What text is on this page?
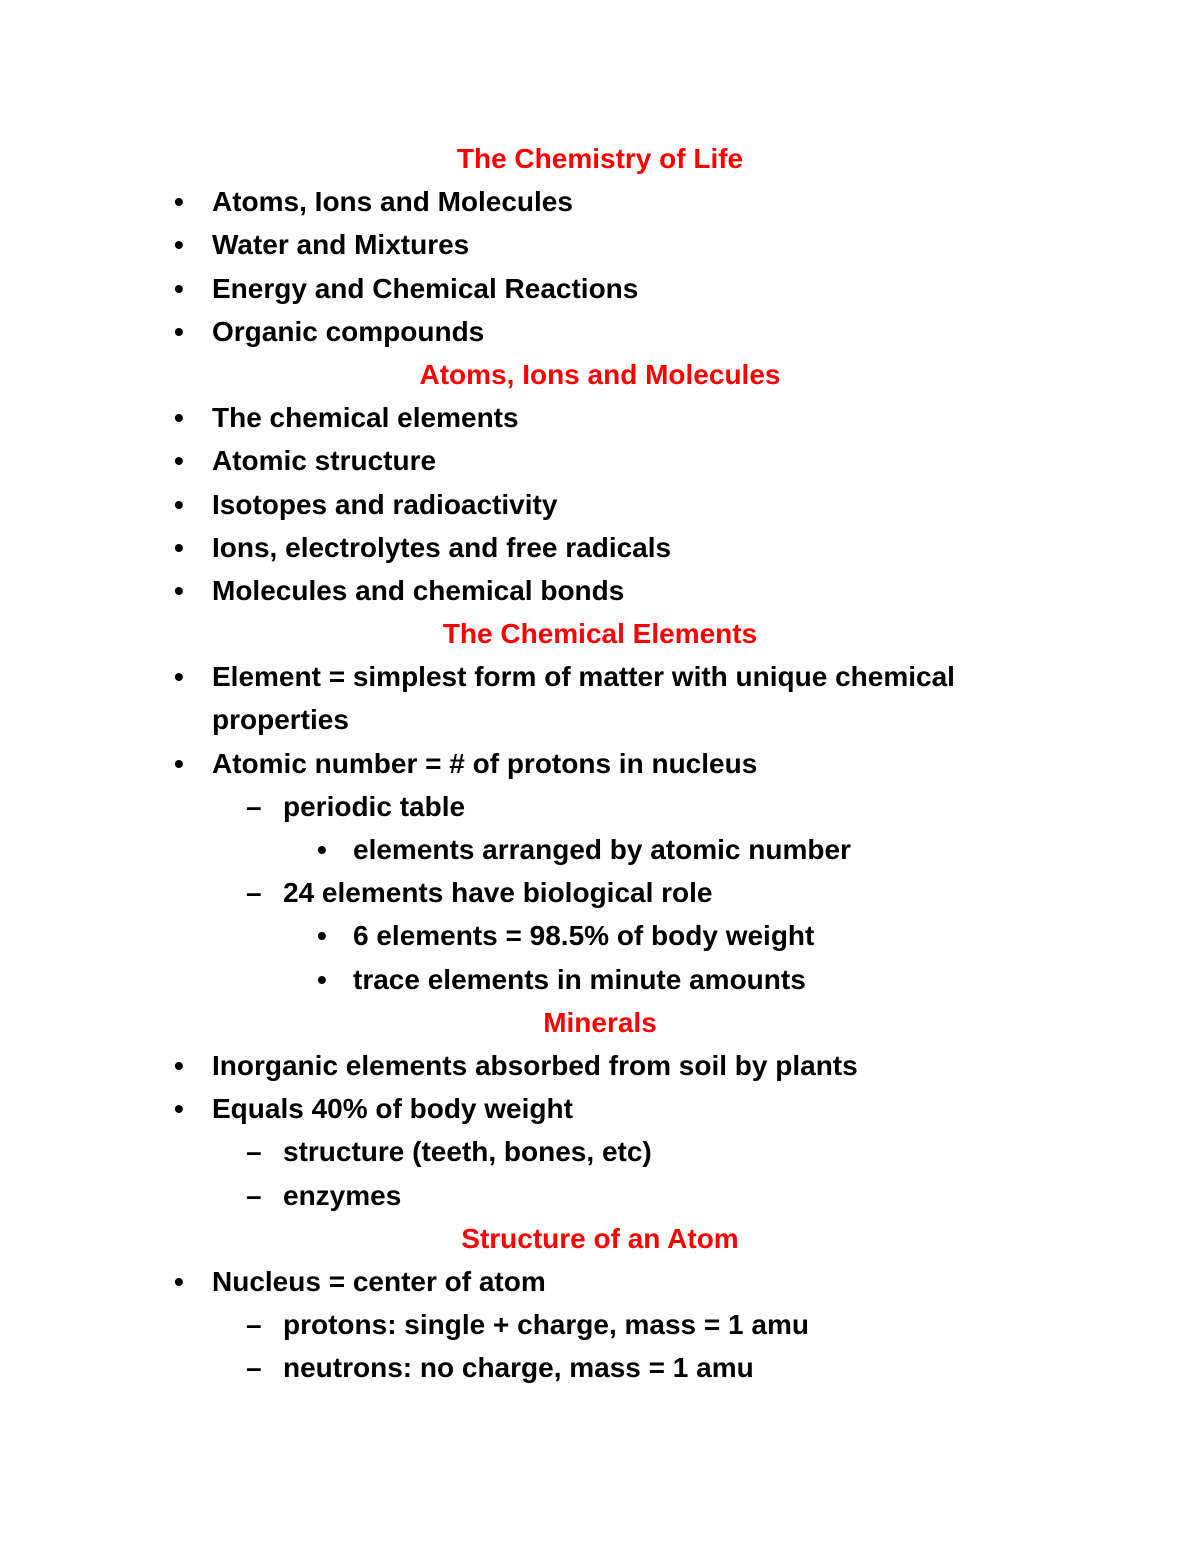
The Chemistry of Life
• Atoms, Ions and Molecules
• Water and Mixtures
• Energy and Chemical Reactions
• Organic compounds
Atoms, Ions and Molecules
• The chemical elements
• Atomic structure
• Isotopes and radioactivity
• Ions, electrolytes and free radicals
• Molecules and chemical bonds
The Chemical Elements
• Element = simplest form of matter with unique chemical
properties
• Atomic number = # of protons in nucleus
– periodic table
• elements arranged by atomic number
– 24 elements have biological role
• 6 elements = 98.5% of body weight
• trace elements in minute amounts
Minerals
• Inorganic elements absorbed from soil by plants
• Equals 40% of body weight
– structure (teeth, bones, etc)
– enzymes
Structure of an Atom
• Nucleus = center of atom
– protons: single + charge, mass = 1 amu
– neutrons: no charge, mass = 1 amu
